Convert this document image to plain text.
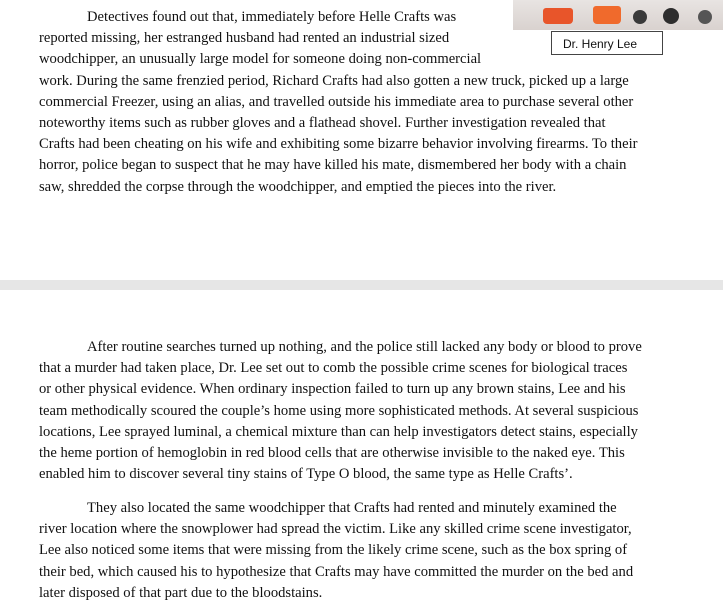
Dr. Henry Lee

Detectives found out that, immediately before Helle Crafts was
reported missing, her estranged husband had rented an industrial sized
woodchipper, an unusually large model for someone doing non-commercial
work. During the same frenzied period, Richard Crafts had also gotten a new truck, picked up a large
commercial Freezer, using an alias, and travelled outside his immediate area to purchase several other
noteworthy items such as rubber gloves and a flathead shovel. Further investigation revealed that
Crafts had been cheating on his wife and exhibiting some bizarre behavior involving firearms. To their
horror, police began to suspect that he may have killed his mate, dismembered her body with a chain
saw, shredded the corpse through the woodchipper, and emptied the pieces into the river.

After routine searches turned up nothing, and the police still lacked any body or blood to prove
that a murder had taken place, Dr. Lee set out to comb the possible crime scenes for biological traces
or other physical evidence. When ordinary inspection failed to turn up any brown stains, Lee and his
team methodically scoured the couple’s home using more sophisticated methods. At several suspicious
locations, Lee sprayed luminal, a chemical mixture than can help investigators detect stains, especially
the heme portion of hemoglobin in red blood cells that are otherwise invisible to the naked eye. This
enabled him to discover several tiny stains of Type O blood, the same type as Helle Crafts’.

They also located the same woodchipper that Crafts had rented and minutely examined the
river location where the snowplower had spread the victim. Like any skilled crime scene investigator,
Lee also noticed some items that were missing from the likely crime scene, such as the box spring of
their bed, which caused his to hypothesize that Crafts may have committed the murder on the bed and
later disposed of that part due to the bloodstains.
